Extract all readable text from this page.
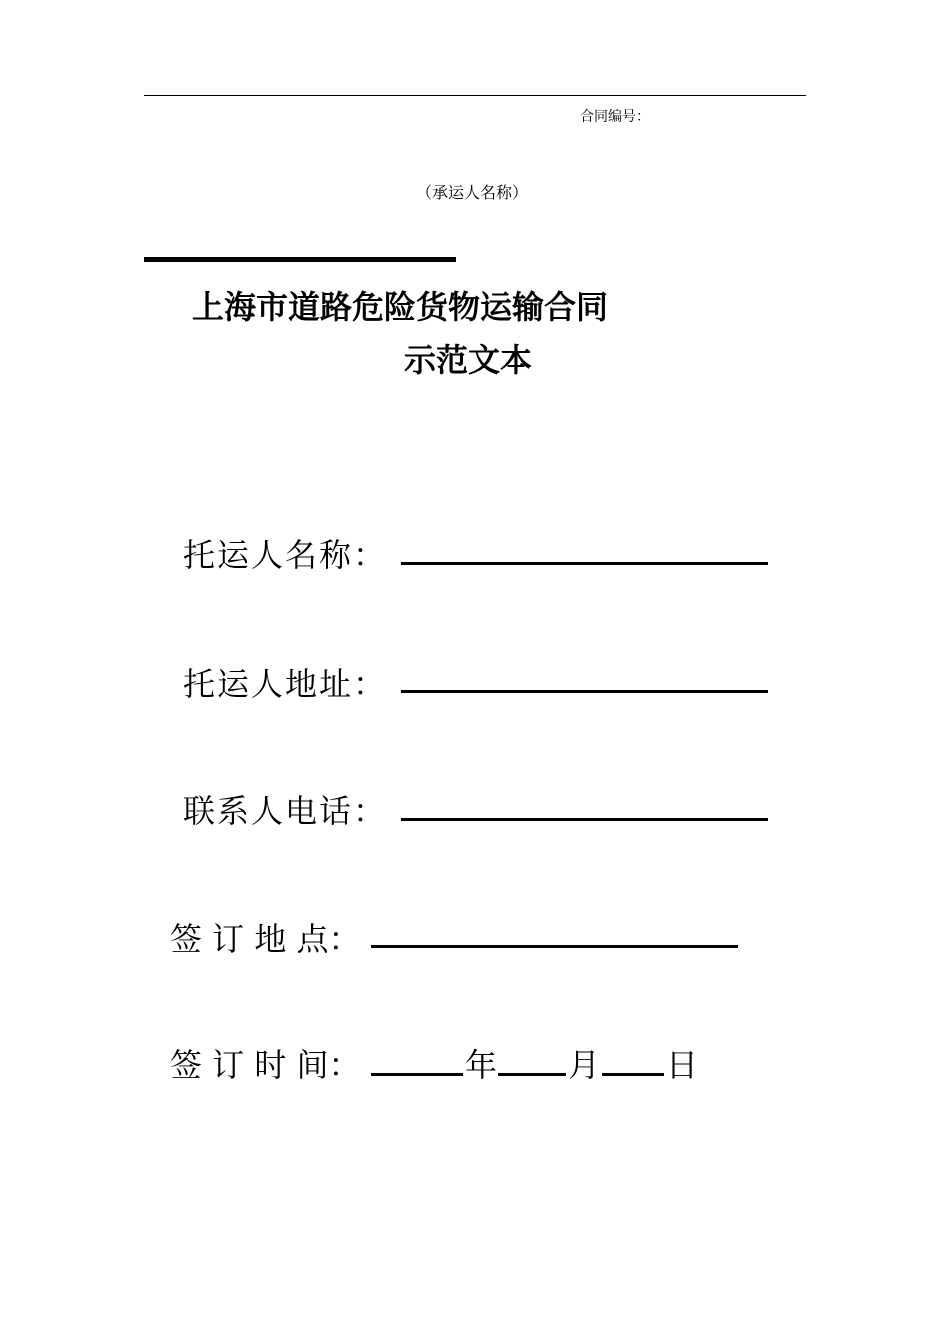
合同编号：
（承运人名称）
上海市道路危险货物运输合同
示范文本
托运人名称：
托运人地址：
联系人电话：
签 订 地 点：
签 订 时 间：	年 月 日
